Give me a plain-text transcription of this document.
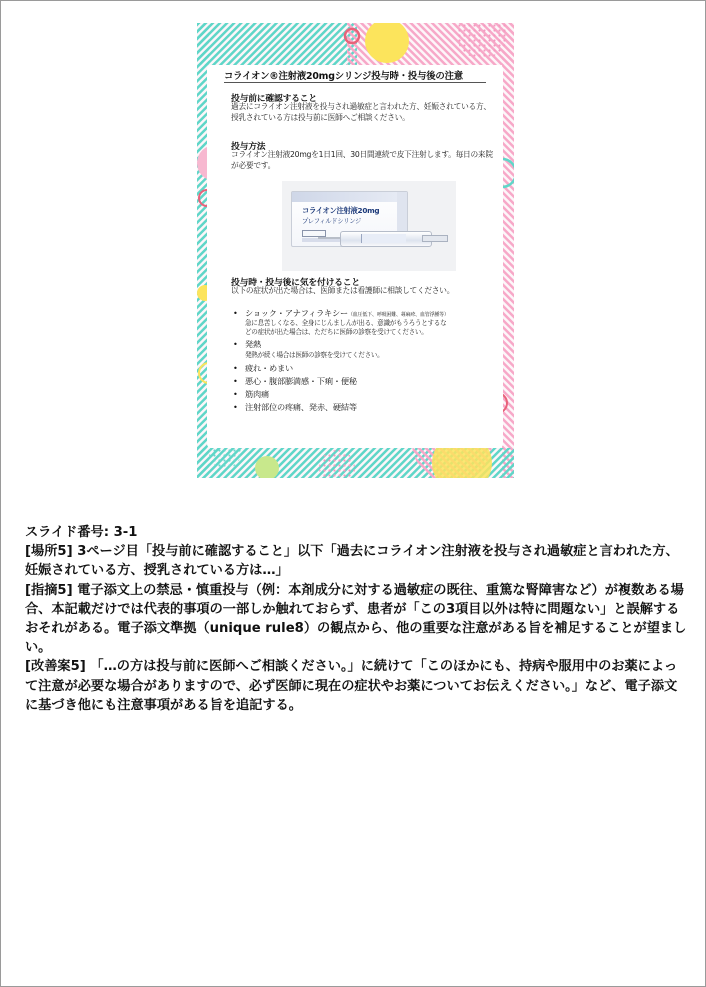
コライオン®注射液20mgシリンジ投与時・投与後の注意
投与前に確認すること
過去にコライオン注射液を投与され過敏症と言われた方、妊娠されている方、授乳されている方は投与前に医師へご相談ください。
投与方法
コライオン注射液20mgを1日1回、30日間連続で皮下注射します。毎日の来院が必要です。
コライオン注射液20mg
プレフィルドシリンジ
投与時・投与後に気を付けること
以下の症状が出た場合は、医師または看護師に相談してください。
• ショック・アナフィラキシー（血圧低下、呼吸困難、蕁麻疹、血管浮腫等）
急に息苦しくなる、全身にじんましんが出る、意識がもうろうとするな
どの症状が出た場合は、ただちに医師の診察を受けてください。
• 発熱
発熱が続く場合は医師の診察を受けてください。
• 疲れ・めまい
• 悪心・腹部膨満感・下痢・便秘
• 筋肉痛
• 注射部位の疼痛、発赤、硬結等

スライド番号: 3-1

[場所5] 3ページ目「投与前に確認すること」以下「過去にコライオン注射液を投与され過敏症と言われた方、妊娠されている方、授乳されている方は…」

[指摘5] 電子添文上の禁忌・慎重投与（例：本剤成分に対する過敏症の既往、重篤な腎障害など）が複数ある場合、本記載だけでは代表的事項の一部しか触れておらず、患者が「この3項目以外は特に問題ない」と誤解するおそれがある。電子添文準拠（unique rule8）の観点から、他の重要な注意がある旨を補足することが望ましい。

[改善案5] 「…の方は投与前に医師へご相談ください。」に続けて「このほかにも、持病や服用中のお薬によって注意が必要な場合がありますので、必ず医師に現在の症状やお薬についてお伝えください。」など、電子添文に基づき他にも注意事項がある旨を追記する。
